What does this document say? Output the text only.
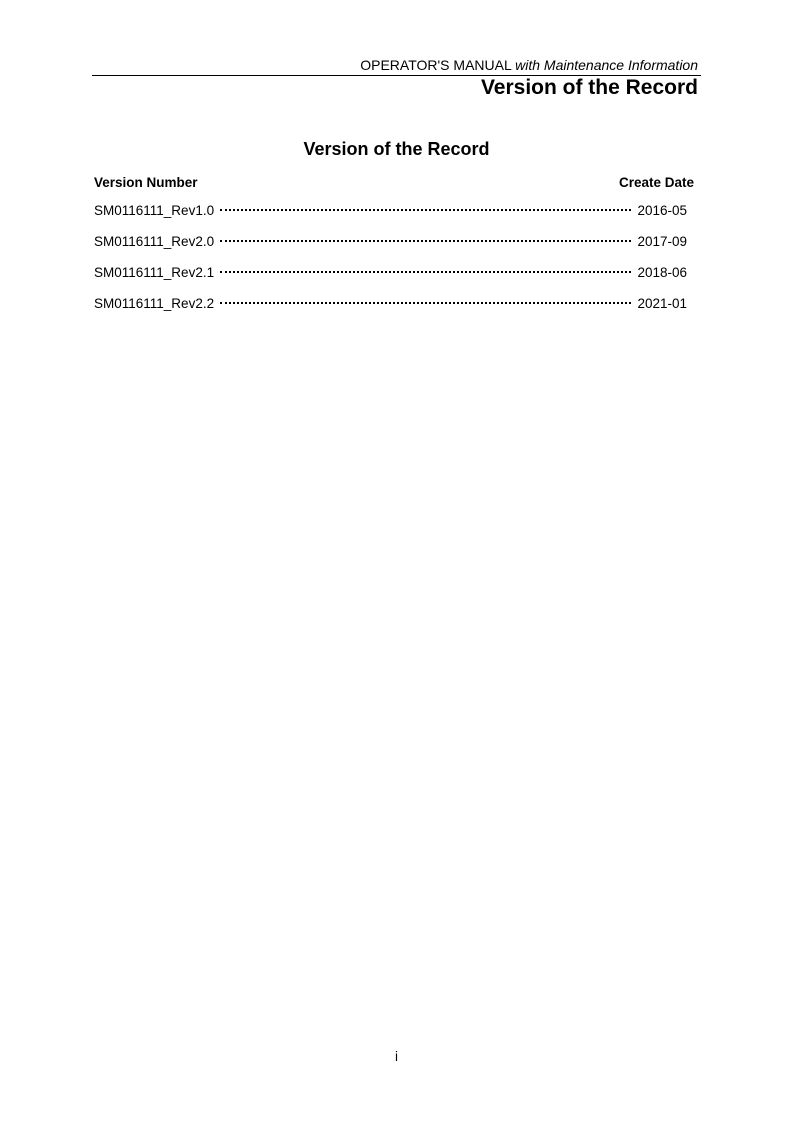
OPERATOR'S MANUAL with Maintenance Information
Version of the Record
Version of the Record
Version Number	Create Date
SM0116111_Rev1.0	2016-05
SM0116111_Rev2.0	2017-09
SM0116111_Rev2.1	2018-06
SM0116111_Rev2.2	2021-01
i
